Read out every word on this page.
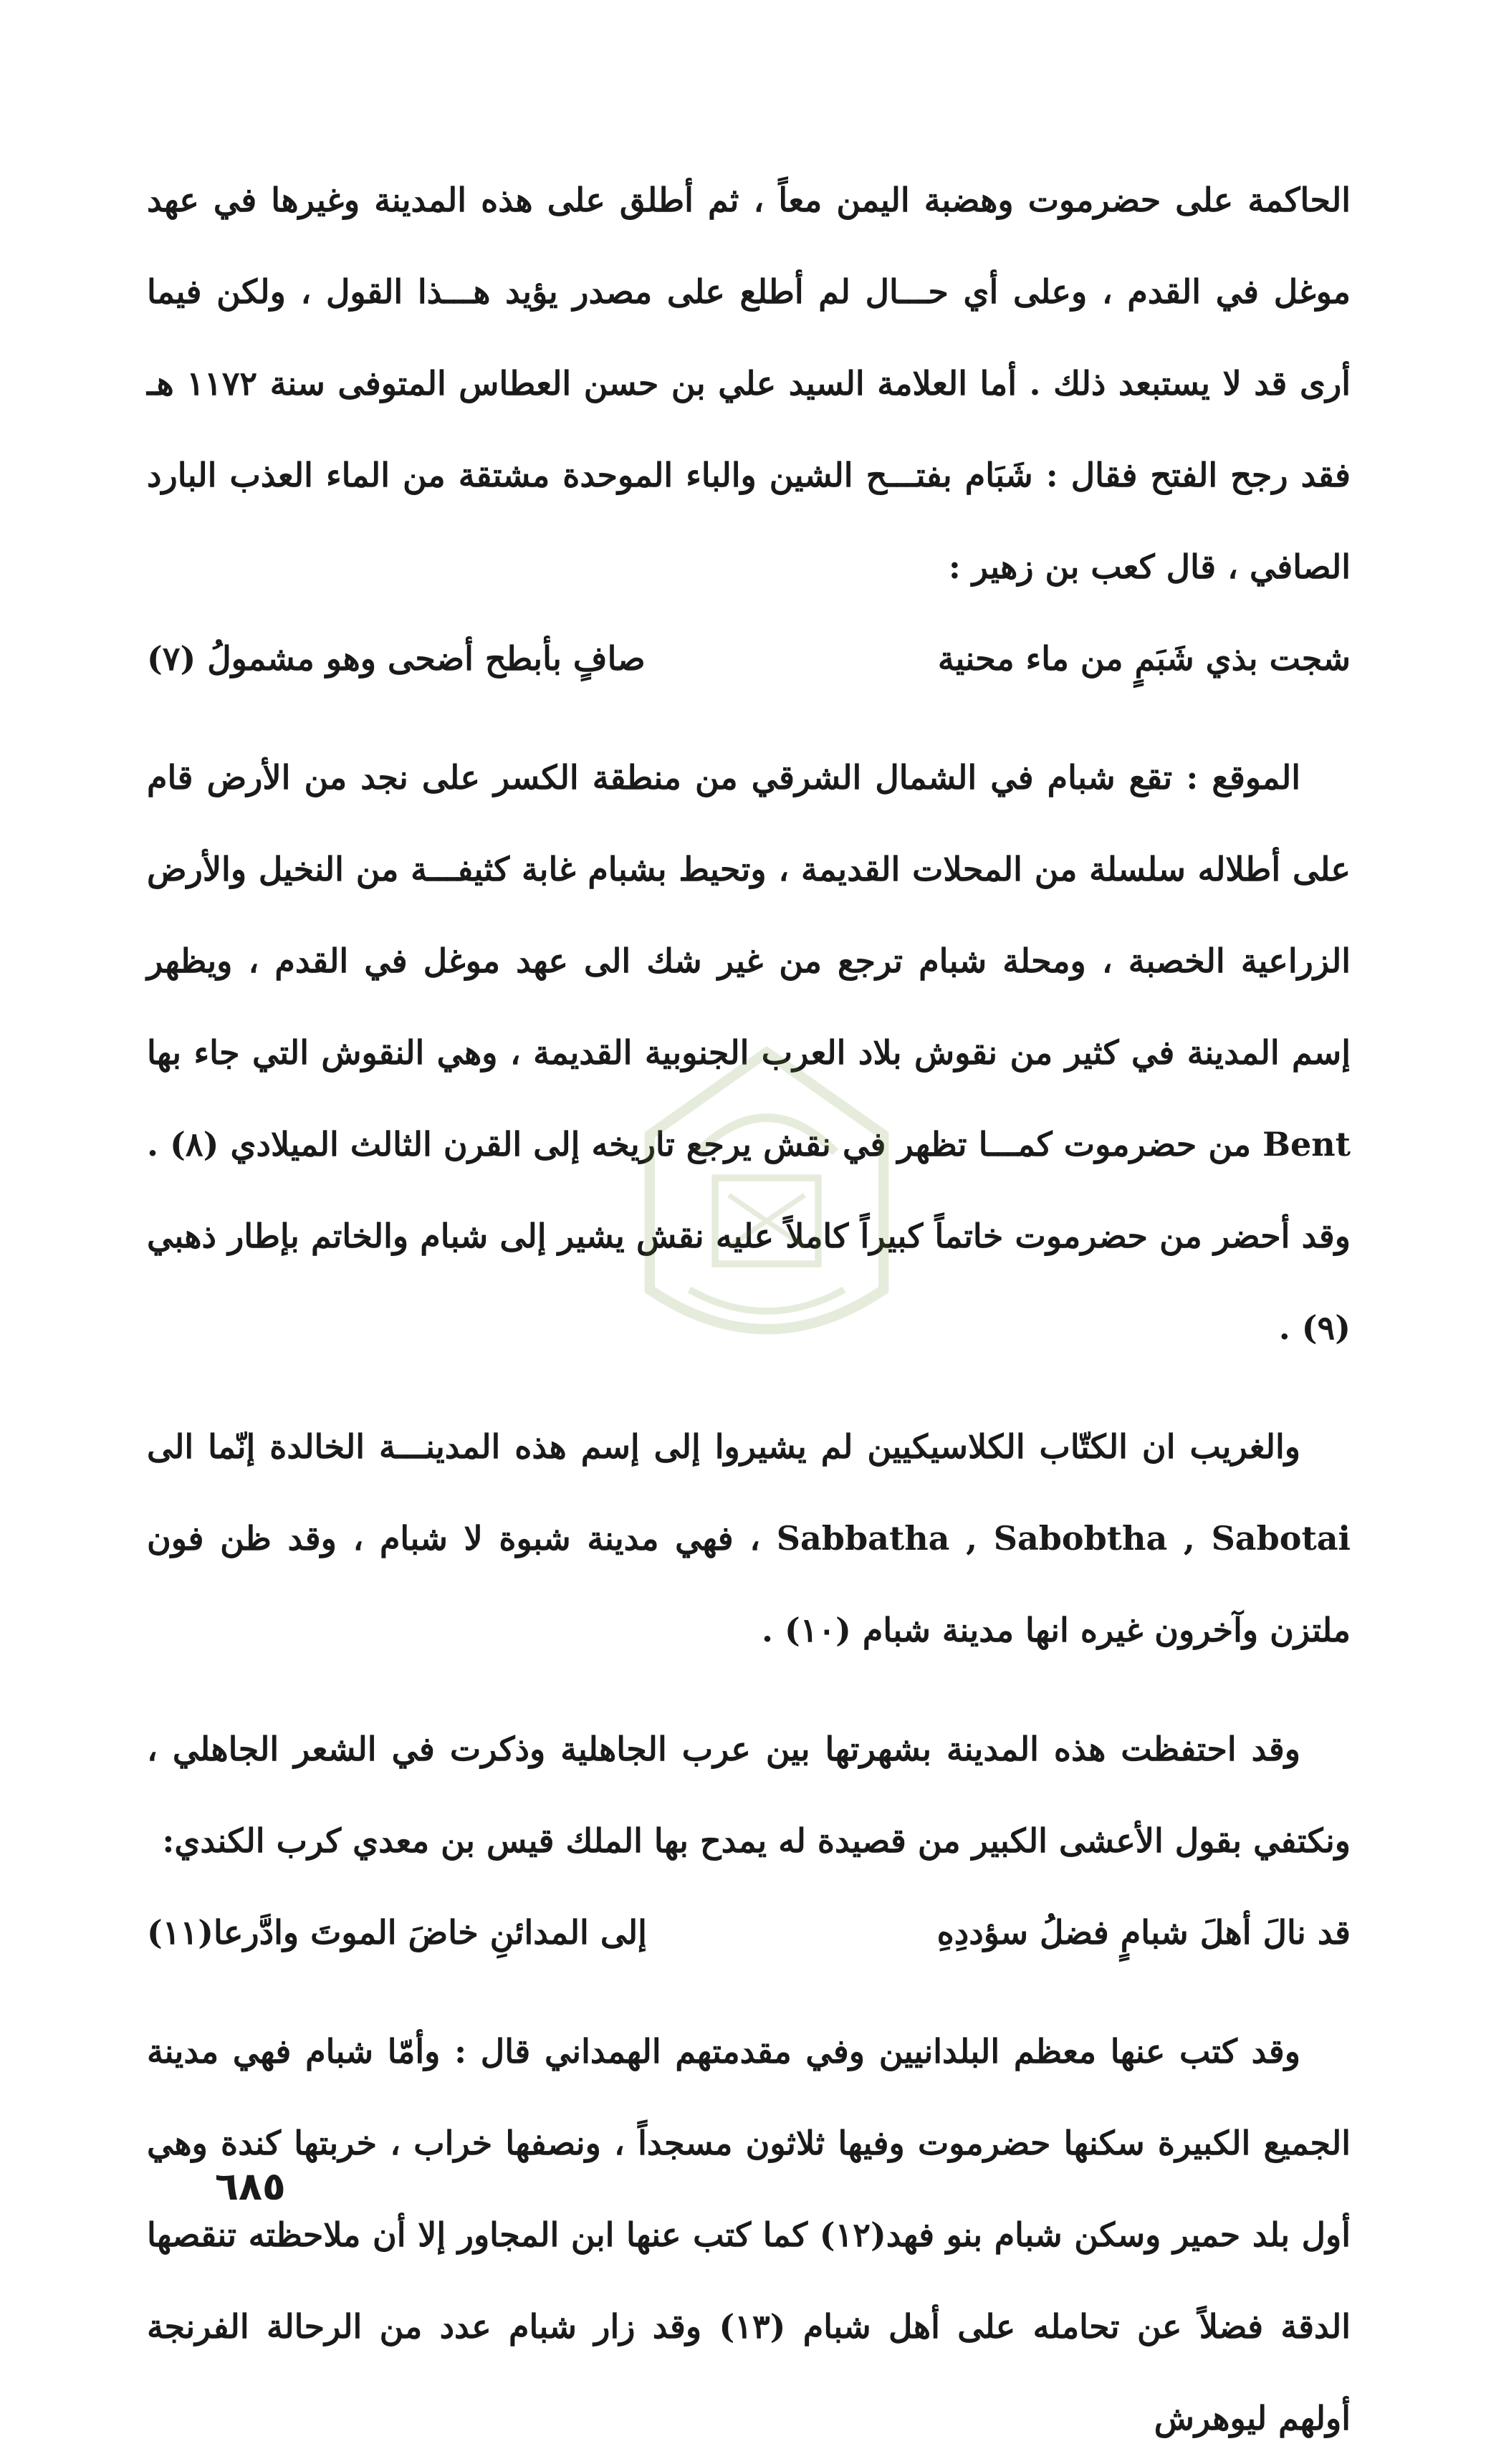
الحاكمة على حضرموت وهضبة اليمن معاً ، ثم أطلق على هذه المدينة وغيرها في عهد موغل في القدم ، وعلى أي حـــال لم أطلع على مصدر يؤيد هـــذا القول ، ولكن فيما أرى قد لا يستبعد ذلك . أما العلامة السيد علي بن حسن العطاس المتوفى سنة ١١٧٢ هـ فقد رجح الفتح فقال : شَبَام بفتـــح الشين والباء الموحدة مشتقة من الماء العذب البارد الصافي ، قال كعب بن زهير :

شجت بذي شَبَمٍ من ماء محنية
صافٍ بأبطح أضحى وهو مشمولُ (٧)

الموقع : تقع شبام في الشمال الشرقي من منطقة الكسر على نجد من الأرض قام على أطلاله سلسلة من المحلات القديمة ، وتحيط بشبام غابة كثيفـــة من النخيل والأرض الزراعية الخصبة ، ومحلة شبام ترجع من غير شك الى عهد موغل في القدم ، ويظهر إسم المدينة في كثير من نقوش بلاد العرب الجنوبية القديمة ، وهي النقوش التي جاء بها Bent من حضرموت كمـــا تظهر في نقش يرجع تاريخه إلى القرن الثالث الميلادي (٨) . وقد أحضر من حضرموت خاتماً كبيراً كاملاً عليه نقش يشير إلى شبام والخاتم بإطار ذهبي (٩) .

والغريب ان الكتّاب الكلاسيكيين لم يشيروا إلى إسم هذه المدينـــة الخالدة إنّما الى Sabbatha , Sabobtha , Sabotai ، فهي مدينة شبوة لا شبام ، وقد ظن فون ملتزن وآخرون غيره انها مدينة شبام (١٠) .

وقد احتفظت هذه المدينة بشهرتها بين عرب الجاهلية وذكرت في الشعر الجاهلي ، ونكتفي بقول الأعشى الكبير من قصيدة له يمدح بها الملك قيس بن معدي كرب الكندي:

قد نالَ أهلَ شبامٍ فضلُ سؤددِهِ
إلى المدائنِ خاضَ الموتَ وادَّرعا(١١)

وقد كتب عنها معظم البلدانيين وفي مقدمتهم الهمداني قال : وأمّا شبام فهي مدينة الجميع الكبيرة سكنها حضرموت وفيها ثلاثون مسجداً ، ونصفها خراب ، خربتها كندة وهي أول بلد حمير وسكن شبام بنو فهد(١٢) كما كتب عنها ابن المجاور إلا أن ملاحظته تنقصها الدقة فضلاً عن تحامله على أهل شبام (١٣) وقد زار شبام عدد من الرحالة الفرنجة أولهم ليوهرش

٦٨٥
